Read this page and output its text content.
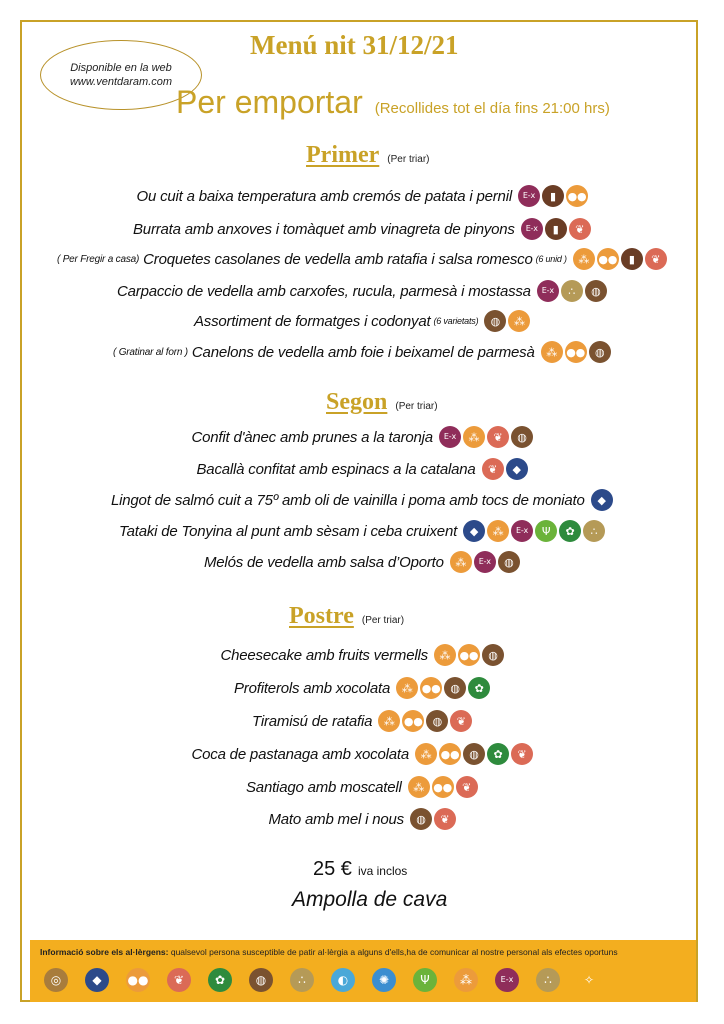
Disponible en la web
www.ventdaram.com
Menú nit 31/12/21
Per emportar (Recollides tot el día fins 21:00 hrs)
Primer (Per triar)
Ou cuit a baixa temperatura amb cremós de patata i pernil	E-x	▮	●●
Burrata amb anxoves i tomàquet amb vinagreta de pinyons	E-x	▮	❦
( Per Fregir a casa) Croquetes casolanes de vedella amb ratafia i salsa romesco (6 unid )	⁂ ●●	▮	❦
Carpaccio de vedella amb carxofes, rucula, parmesà i mostassa	E-x	∴	◍
Assortiment de formatges i codonyat (6 varietats)	◍	⁂
( Gratinar al forn ) Canelons de vedella amb foie i beixamel de parmesà	⁂ ●● ◍
Segon (Per triar)
Confit d'ànec amb prunes a la taronja	E-x	⁂	❦	◍
Bacallà confitat amb espinacs a la catalana	❦	◆
Lingot de salmó cuit a 75º amb oli de vainilla i poma amb tocs de moniato	◆
Tataki de Tonyina al punt amb sèsam i ceba cruixent	◆	⁂	E-x	Ψ	✿	∴
Melós de vedella amb salsa d’Oporto	⁂	E-x	◍
Postre (Per triar)
Cheesecake amb fruits vermells	⁂ ●● ◍
Profiterols amb xocolata	⁂ ●● ◍	✿
Tiramisú de ratafia	⁂ ●● ◍	❦
Coca de pastanaga amb xocolata	⁂ ●● ◍	✿	❦
Santiago amb moscatell	⁂ ●● ❦
Mato amb mel i nous	◍	❦
25 € iva inclos
Ampolla de cava
Informació sobre els al·lèrgens: qualsevol persona susceptible de patir al·lèrgia a alguns d'ells,ha de comunicar al nostre personal als efectes oportuns
◎	◆	●●	❦	✿	◍	∴	◐	✺	Ψ	⁂	E-x	∴	✧
